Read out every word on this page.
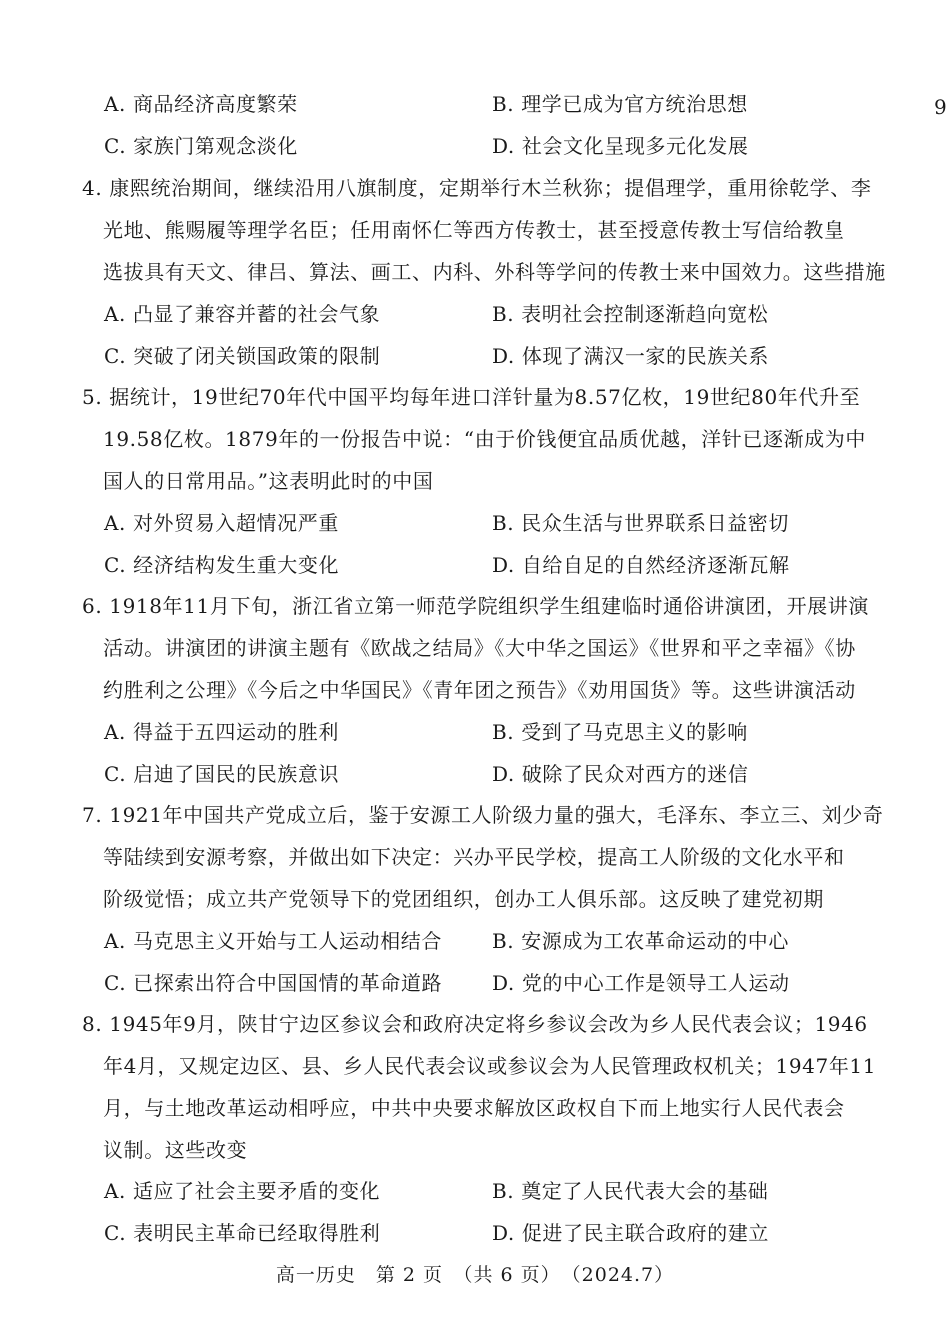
9
A. 商品经济高度繁荣	B. 理学已成为官方统治思想
C. 家族门第观念淡化	D. 社会文化呈现多元化发展
4. 康熙统治期间，继续沿用八旗制度，定期举行木兰秋狝；提倡理学，重用徐乾学、李
光地、熊赐履等理学名臣；任用南怀仁等西方传教士，甚至授意传教士写信给教皇
选拔具有天文、律吕、算法、画工、内科、外科等学问的传教士来中国效力。这些措施
A. 凸显了兼容并蓄的社会气象	B. 表明社会控制逐渐趋向宽松
C. 突破了闭关锁国政策的限制	D. 体现了满汉一家的民族关系
5. 据统计，19世纪70年代中国平均每年进口洋针量为8.57亿枚，19世纪80年代升至
19.58亿枚。1879年的一份报告中说：“由于价钱便宜品质优越，洋针已逐渐成为中
国人的日常用品。”这表明此时的中国
A. 对外贸易入超情况严重	B. 民众生活与世界联系日益密切
C. 经济结构发生重大变化	D. 自给自足的自然经济逐渐瓦解
6. 1918年11月下旬，浙江省立第一师范学院组织学生组建临时通俗讲演团，开展讲演
活动。讲演团的讲演主题有《欧战之结局》《大中华之国运》《世界和平之幸福》《协
约胜利之公理》《今后之中华国民》《青年团之预告》《劝用国货》等。这些讲演活动
A. 得益于五四运动的胜利	B. 受到了马克思主义的影响
C. 启迪了国民的民族意识	D. 破除了民众对西方的迷信
7. 1921年中国共产党成立后，鉴于安源工人阶级力量的强大，毛泽东、李立三、刘少奇
等陆续到安源考察，并做出如下决定：兴办平民学校，提高工人阶级的文化水平和
阶级觉悟；成立共产党领导下的党团组织，创办工人俱乐部。这反映了建党初期
A. 马克思主义开始与工人运动相结合	B. 安源成为工农革命运动的中心
C. 已探索出符合中国国情的革命道路 D. 党的中心工作是领导工人运动
8. 1945年9月，陕甘宁边区参议会和政府决定将乡参议会改为乡人民代表会议；1946
年4月，又规定边区、县、乡人民代表会议或参议会为人民管理政权机关；1947年11
月，与土地改革运动相呼应，中共中央要求解放区政权自下而上地实行人民代表会
议制。这些改变
A. 适应了社会主要矛盾的变化	B. 奠定了人民代表大会的基础
C. 表明民主革命已经取得胜利	D. 促进了民主联合政府的建立
高一历史　第 2 页　（共 6 页）　（2024.7）
